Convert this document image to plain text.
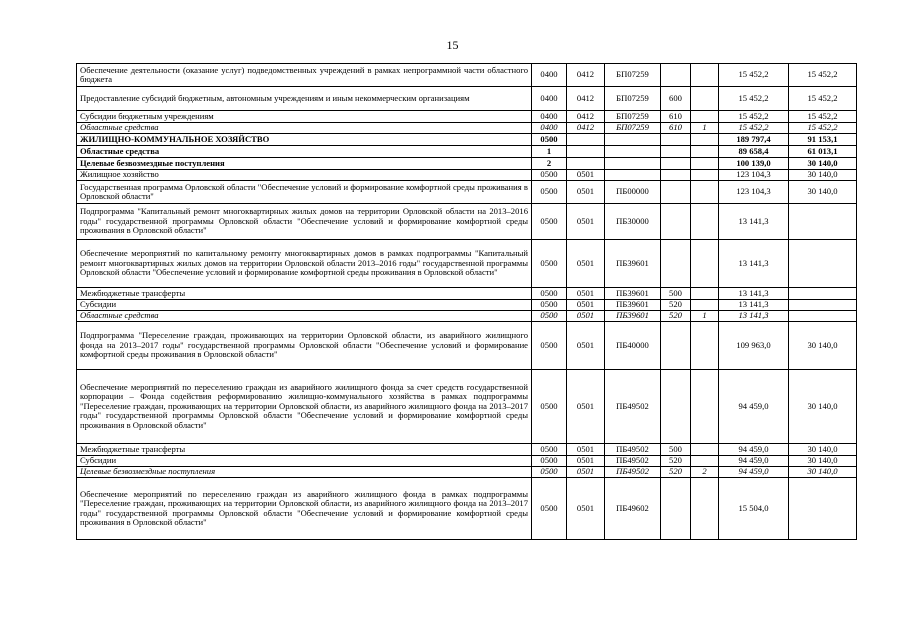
15
Обеспечение деятельности (оказание услуг) подведомственных учреждений в рамках непрограммной части областного бюджета	0400	0412	БП07259			15 452,2	15 452,2
Предоставление субсидий бюджетным, автономным учреждениям и иным некоммерческим организациям	0400	0412	БП07259	600		15 452,2	15 452,2
Субсидии бюджетным учреждениям	0400	0412	БП07259	610		15 452,2	15 452,2
Областные средства	0400	0412	БП07259	610	1	15 452,2	15 452,2
ЖИЛИЩНО-КОММУНАЛЬНОЕ ХОЗЯЙСТВО	0500					189 797,4	91 153,1
Областные средства	1					89 658,4	61 013,1
Целевые безвозмездные поступления	2					100 139,0	30 140,0
Жилищное хозяйство	0500	0501				123 104,3	30 140,0
Государственная программа Орловской области "Обеспечение условий и формирование комфортной среды проживания в Орловской области"	0500	0501	ПБ00000			123 104,3	30 140,0
Подпрограмма "Капитальный ремонт многоквартирных жилых домов на территории Орловской области на 2013–2016 годы" государственной программы Орловской области "Обеспечение условий и формирование комфортной среды проживания в Орловской области"	0500	0501	ПБ30000			13 141,3	
Обеспечение мероприятий по капитальному ремонту многоквартирных домов в рамках подпрограммы "Капитальный ремонт многоквартирных жилых домов на территории Орловской области 2013–2016 годы" государственной программы Орловской области "Обеспечение условий и формирование комфортной среды проживания в Орловской области"	0500	0501	ПБ39601			13 141,3	
Межбюджетные трансферты	0500	0501	ПБ39601	500		13 141,3	
Субсидии	0500	0501	ПБ39601	520		13 141,3	
Областные средства	0500	0501	ПБ39601	520	1	13 141,3	
Подпрограмма "Переселение граждан, проживающих на территории Орловской области, из аварийного жилищного фонда на 2013–2017 годы" государственной программы Орловской области "Обеспечение условий и формирование комфортной среды проживания в Орловской области"	0500	0501	ПБ40000			109 963,0	30 140,0
Обеспечение мероприятий по переселению граждан из аварийного жилищного фонда за счет средств государственной корпорации – Фонда содействия реформированию жилищно-коммунального хозяйства в рамках подпрограммы "Переселение граждан, проживающих на территории Орловской области, из аварийного жилищного фонда на 2013–2017 годы" государственной программы Орловской области "Обеспечение условий и формирование комфортной среды проживания в Орловской области"	0500	0501	ПБ49502			94 459,0	30 140,0
Межбюджетные трансферты	0500	0501	ПБ49502	500		94 459,0	30 140,0
Субсидии	0500	0501	ПБ49502	520		94 459,0	30 140,0
Целевые безвозмездные поступления	0500	0501	ПБ49502	520	2	94 459,0	30 140,0
Обеспечение мероприятий по переселению граждан из аварийного жилищного фонда в рамках подпрограммы "Переселение граждан, проживающих на территории Орловской области, из аварийного жилищного фонда на 2013–2017 годы" государственной программы Орловской области "Обеспечение условий и формирование комфортной среды проживания в Орловской области"	0500	0501	ПБ49602			15 504,0	
